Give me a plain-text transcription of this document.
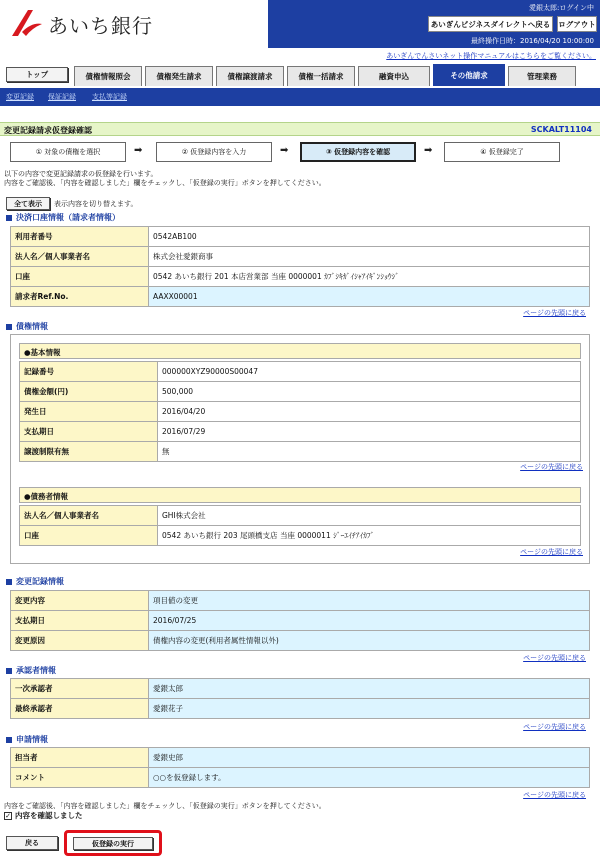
あいち銀行
愛銀太郎:ログイン中
あいぎんビジネスダイレクトへ戻る	ログアウト
最終操作日時：2016/04/20 10:00:00
あいぎんでんさいネット操作マニュアルはこちらをご覧ください。
トップ	債権情報照会	債権発生請求	債権譲渡請求	債権一括請求	融資申込	その他請求	管理業務
変更記録 保証記録 支払等記録
変更記録請求仮登録確認	SCKALT11104
① 対象の債権を選択	➡	② 仮登録内容を入力	➡	③ 仮登録内容を確認	➡	④ 仮登録完了
以下の内容で変更記録請求の仮登録を行います。
内容をご確認後、「内容を確認しました」欄をチェックし、「仮登録の実行」ボタンを押してください。
全て表示	表示内容を切り替えます。
決済口座情報（請求者情報）
利用者番号	0542AB100
法人名／個人事業者名	株式会社愛銀商事
口座	0542 あいち銀行 201 本店営業部 当座 0000001 ｶﾌﾞｼｷｶﾞｲｼｬｱｲｷﾞﾝｼｮｳｼﾞ
請求者Ref.No.	AAXX00001
ページの先頭に戻る
債権情報
●基本情報
記録番号	000000XYZ90000S00047
債権金額(円)	500,000
発生日	2016/04/20
支払期日	2016/07/29
譲渡制限有無	無
ページの先頭に戻る
●債務者情報
法人名／個人事業者名	GHI株式会社
口座	0542 あいち銀行 203 尾頭橋支店 当座 0000011 ｼﾞｰｴｲﾁｱｲｶﾌﾞ
ページの先頭に戻る
変更記録情報
変更内容	項目値の変更
支払期日	2016/07/25
変更原因	債権内容の変更(利用者属性情報以外)
ページの先頭に戻る
承認者情報
一次承認者	愛銀太郎
最終承認者	愛銀花子
ページの先頭に戻る
申請情報
担当者	愛銀史郎
コメント	○○を仮登録します。
ページの先頭に戻る
内容をご確認後、「内容を確認しました」欄をチェックし、「仮登録の実行」ボタンを押してください。
✓ 内容を確認しました
戻る	仮登録の実行
